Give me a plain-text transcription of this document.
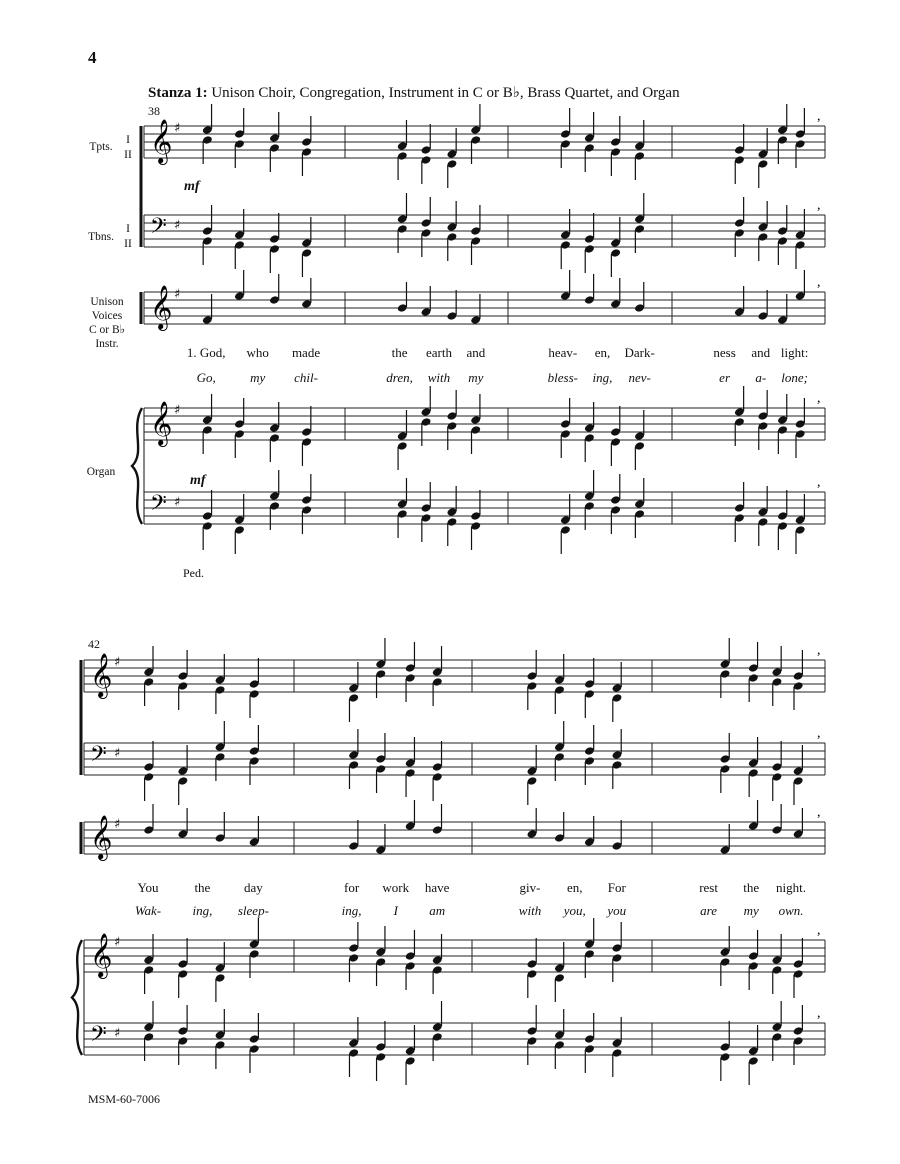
4
Stanza 1: Unison Choir, Congregation, Instrument in C or B♭, Brass Quartet, and Organ
38
42
Tpts.
I
II
Tbns.
I
II
Unison
Voices
C or B♭
Instr.
Organ
mf
mf
Ped.
1. God, who made	the earth and	heav- en, Dark-	ness and light:
Go,	my chil-	dren, with my	bless- ing, nev-	er a- lone;
You	the	day	for work have	giv- en, For	rest the night.
Wak- ing, sleep-	ing, I am	with you, you	are my own.
𝄞 ♯
,
𝄢 ♯
,
𝄞 ♯
,
𝄞 ♯
,
𝄢 ♯
,
𝄞 ♯
,
𝄢 ♯
,
𝄞 ♯
,
𝄞 ♯
,
𝄢 ♯
,
MSM-60-7006
